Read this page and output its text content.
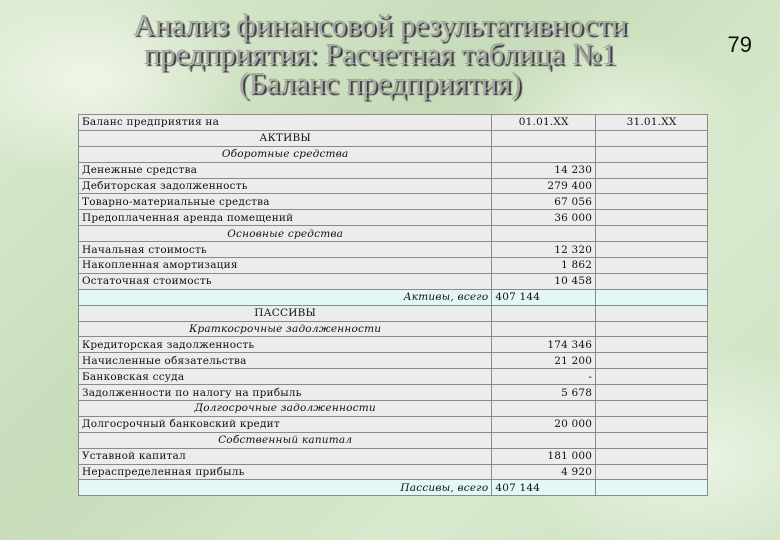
Анализ финансовой результативности
предприятия: Расчетная таблица №1
(Баланс предприятия)
79
Баланс предприятия на	01.01.XX	31.01.XX
АКТИВЫ		
Оборотные средства		
Денежные средства	14 230	
Дебиторская задолженность	279 400	
Товарно-материальные средства	67 056	
Предоплаченная аренда помещений	36 000	
Основные средства		
Начальная стоимость	12 320	
Накопленная амортизация	1 862	
Остаточная стоимость	10 458	
Активы, всего	407 144	
ПАССИВЫ		
Краткосрочные задолженности		
Кредиторская задолженность	174 346	
Начисленные обязательства	21 200	
Банковская ссуда	-	
Задолженности по налогу на прибыль	5 678	
Долгосрочные задолженности		
Долгосрочный банковский кредит	20 000	
Собственный капитал		
Уставной капитал	181 000	
Нераспределенная прибыль	4 920	
Пассивы, всего	407 144	
